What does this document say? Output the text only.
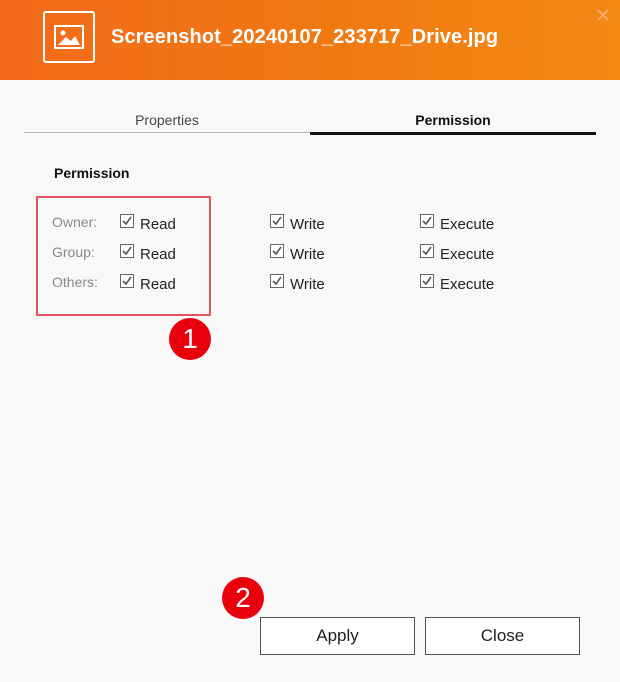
Screenshot_20240107_233717_Drive.jpg
Properties	Permission
Permission
Owner:	Read	Write	Execute
Group:	Read	Write	Execute
Others:	Read	Write	Execute
1
2
Apply	Close
